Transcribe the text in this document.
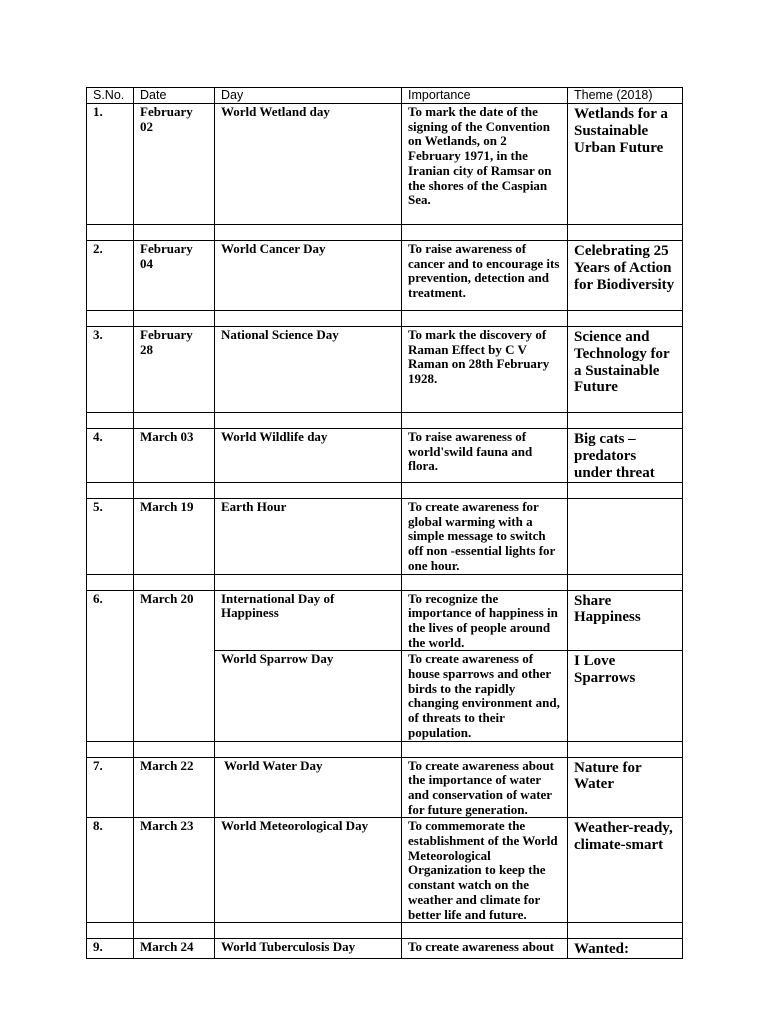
S.No.	Date	Day	Importance	Theme (2018)
1.	February 02	World Wetland day	To mark the date of the signing of the Convention on Wetlands, on 2 February 1971, in the Iranian city of Ramsar on the shores of the Caspian Sea.	Wetlands for a Sustainable Urban Future

2.	February 04	World Cancer Day	To raise awareness of cancer and to encourage its prevention, detection and treatment.	Celebrating 25 Years of Action for Biodiversity

3.	February 28	National Science Day	To mark the discovery of Raman Effect by C V Raman on 28th February 1928.	Science and Technology for a Sustainable Future

4.	March 03	World Wildlife day	To raise awareness of world'swild fauna and flora.	Big cats – predators under threat

5.	March 19	Earth Hour	To create awareness for global warming with a simple message to switch off non -essential lights for one hour.	

6.	March 20	International Day of Happiness	To recognize the importance of happiness in the lives of people around the world.	Share Happiness
		World Sparrow Day	To create awareness of house sparrows and other birds to the rapidly changing environment and, of threats to their population.	I Love Sparrows

7.	March 22	World Water Day	To create awareness about the importance of water and conservation of water for future generation.	Nature for Water
8.	March 23	World Meteorological Day	To commemorate the establishment of the World Meteorological Organization to keep the constant watch on the weather and climate for better life and future.	Weather-ready, climate-smart

9.	March 24	World Tuberculosis Day	To create awareness about	Wanted:
